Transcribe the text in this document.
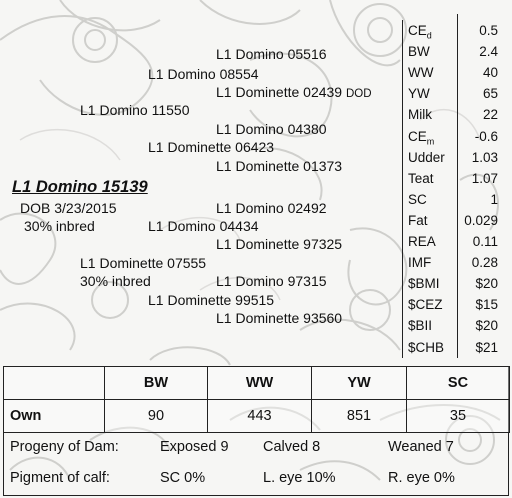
L1 Domino 05516
L1 Domino 08554
L1 Dominette 02439 DOD
L1 Domino 11550
L1 Domino 04380
L1 Dominette 06423
L1 Dominette 01373
L1 Domino 15139
DOB 3/23/2015	L1 Domino 02492
30% inbred	L1 Domino 04434
L1 Dominette 97325
L1 Dominette 07555
30% inbred	L1 Domino 97315
L1 Dominette 99515
L1 Dominette 93560
$CE_d$	0.5
BW	2.4
WW	40
YW	65
Milk	22
$CE_m$	-0.6
Udder 1.03
Teat	1.07
SC	1
Fat	0.029
REA	0.11
IMF	0.28
$BMI	$20
$CEZ $15
$BII	$20
$CHB $21
	BW	WW	YW	SC
Own	90	443	851	35
Progeny of Dam:	Exposed 9 Calved 8	Weaned 7
Pigment of calf:	SC 0%	L. eye 10%	R. eye 0%
